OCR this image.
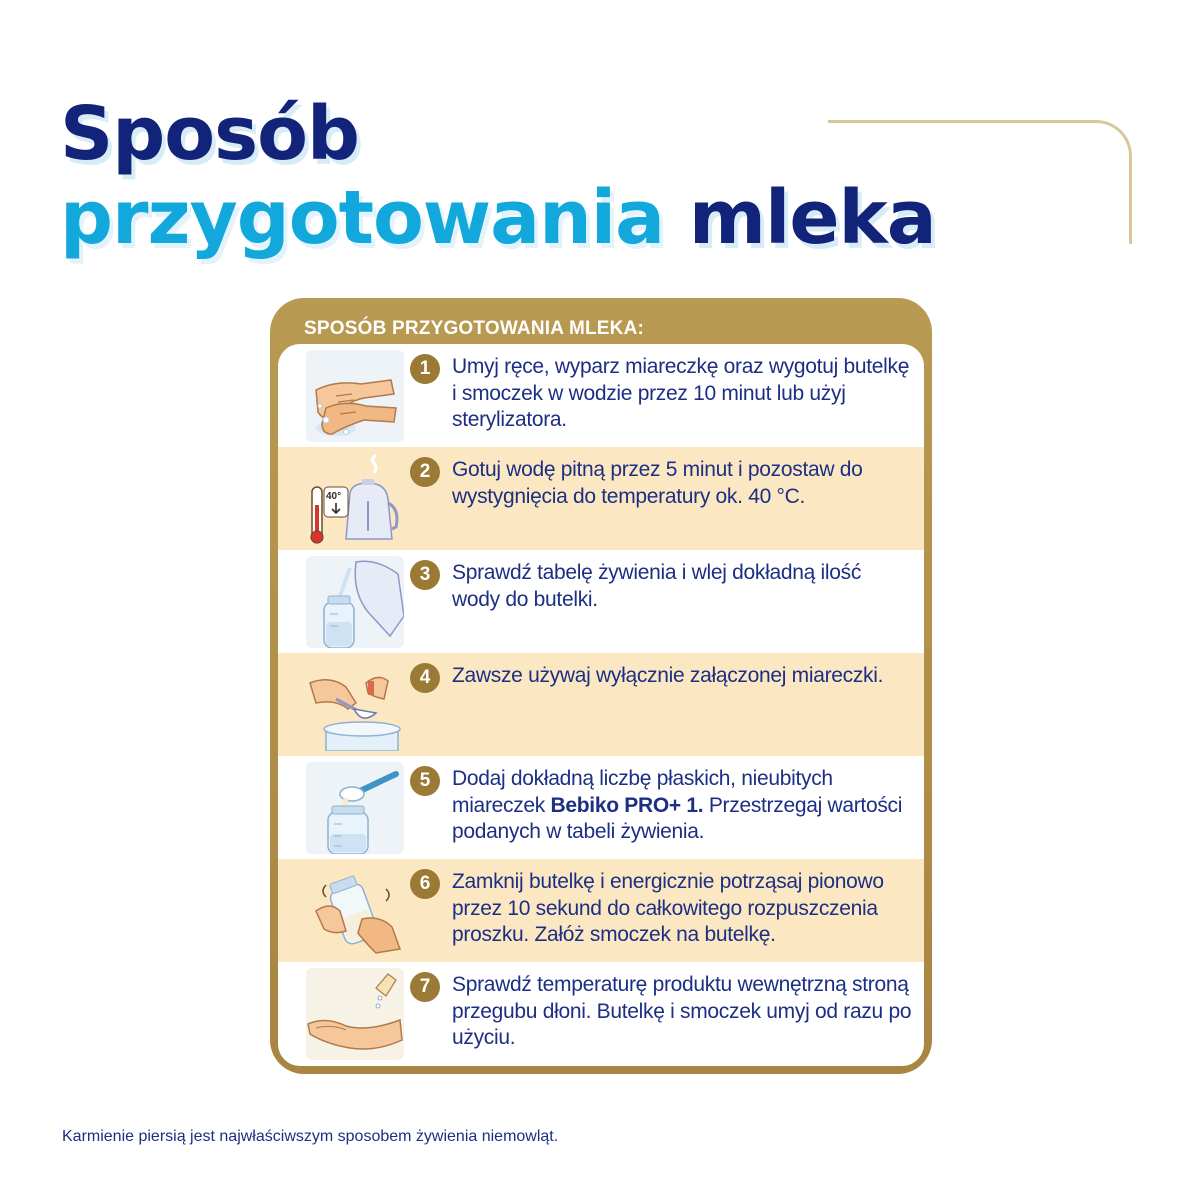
Sposób
przygotowania mleka
SPOSÓB PRZYGOTOWANIA MLEKA:
1	Umyj ręce, wyparz miareczkę oraz wygotuj butelkę i smoczek w wodzie przez 10 minut lub użyj sterylizatora.
40°
2	Gotuj wodę pitną przez 5 minut i pozostaw do wystygnięcia do temperatury ok. 40 °C.
3	Sprawdź tabelę żywienia i wlej dokładną ilość wody do butelki.
4	Zawsze używaj wyłącznie załączonej miareczki.
5	Dodaj dokładną liczbę płaskich, nieubitych miareczek Bebiko PRO+ 1. Przestrzegaj wartości podanych w tabeli żywienia.
6	Zamknij butelkę i energicznie potrząsaj pionowo przez 10 sekund do całkowitego rozpuszczenia proszku. Załóż smoczek na butelkę.
7	Sprawdź temperaturę produktu wewnętrzną stroną przegubu dłoni. Butelkę i smoczek umyj od razu po użyciu.
Karmienie piersią jest najwłaściwszym sposobem żywienia niemowląt.
